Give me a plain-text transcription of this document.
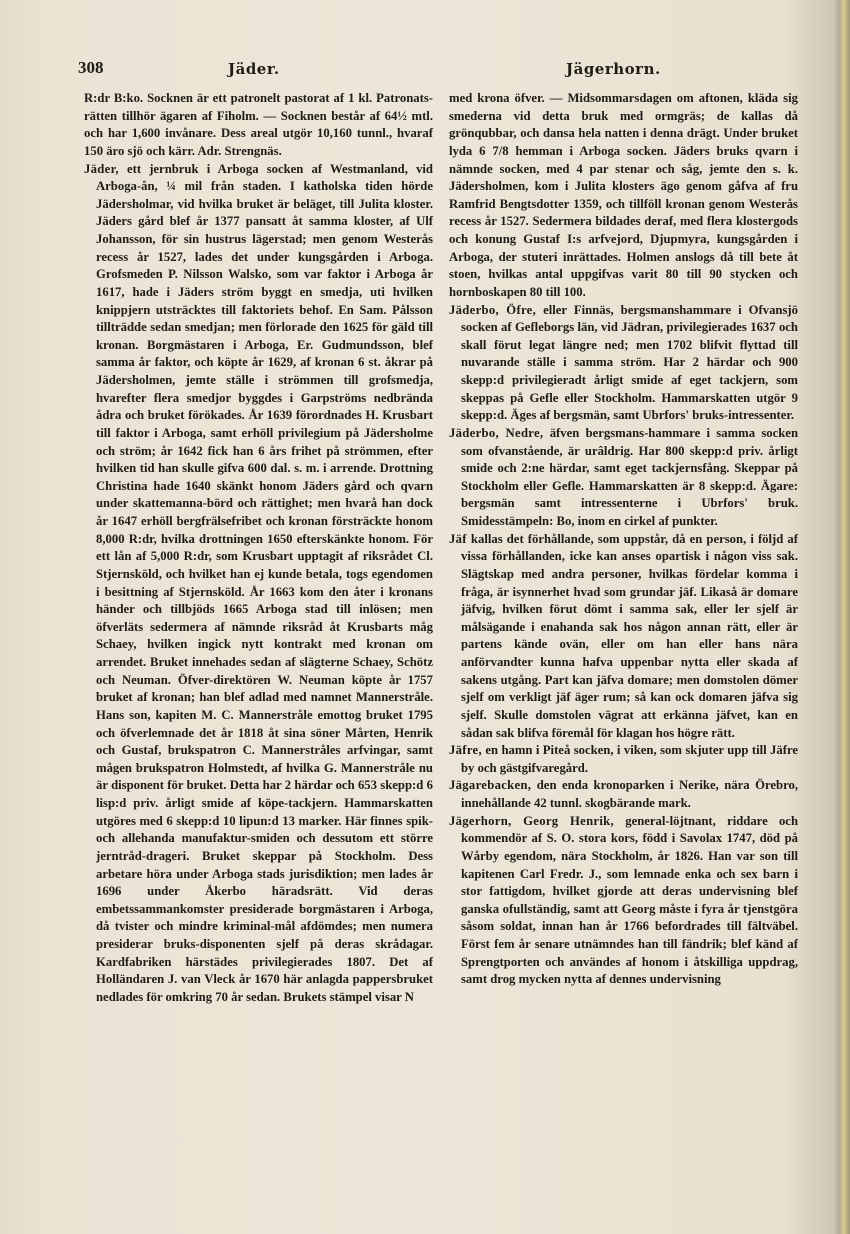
308	Jäder.	Jägerhorn.

R:dr B:ko. Socknen är ett patronelt pastorat af 1 kl. Patronats-rätten tillhör ägaren af Fiholm. — Socknen består af 64½ mtl. och har 1,600 invånare. Dess areal utgör 10,160 tunnl., hvaraf 150 äro sjö och kärr. Adr. Strengnäs.

Jäder, ett jernbruk i Arboga socken af Westmanland, vid Arboga-ån, ¼ mil från staden. I katholska tiden hörde Jädersholmar, vid hvilka bruket är beläget, till Julita kloster. Jäders gård blef år 1377 pansatt åt samma kloster, af Ulf Johansson, för sin hustrus lägerstad; men genom Westerås recess år 1527, lades det under kungsgården i Arboga. Grofsmeden P. Nilsson Walsko, som var faktor i Arboga år 1617, hade i Jäders ström byggt en smedja, uti hvilken knippjern utsträcktes till faktoriets behof. En Sam. Pålsson tillträdde sedan smedjan; men förlorade den 1625 för gäld till kronan. Borgmästaren i Arboga, Er. Gudmundsson, blef samma år faktor, och köpte år 1629, af kronan 6 st. åkrar på Jädersholmen, jemte ställe i strömmen till grofsmedja, hvarefter flera smedjor byggdes i Garpströms nedbrända ådra och bruket förökades. År 1639 förordnades H. Krusbart till faktor i Arboga, samt erhöll privilegium på Jädersholme och ström; år 1642 fick han 6 års frihet på strömmen, efter hvilken tid han skulle gifva 600 dal. s. m. i arrende. Drottning Christina hade 1640 skänkt honom Jäders gård och qvarn under skattemanna-börd och rättighet; men hvarå han dock år 1647 erhöll bergfrälsefribet och kronan försträckte honom 8,000 R:dr, hvilka drottningen 1650 efterskänkte honom. För ett lån af 5,000 R:dr, som Krusbart upptagit af riksrådet Cl. Stjernsköld, och hvilket han ej kunde betala, togs egendomen i besittning af Stjernsköld. År 1663 kom den åter i kronans händer och tillbjöds 1665 Arboga stad till inlösen; men öfverläts sedermera af nämnde riksråd åt Krusbarts måg Schaey, hvilken ingick nytt kontrakt med kronan om arrendet. Bruket innehades sedan af slägterne Schaey, Schötz och Neuman. Öfver-direktören W. Neuman köpte år 1757 bruket af kronan; han blef adlad med namnet Mannerstråle. Hans son, kapiten M. C. Mannerstråle emottog bruket 1795 och öfverlemnade det år 1818 åt sina söner Mårten, Henrik och Gustaf, brukspatron C. Mannerstråles arfvingar, samt mågen brukspatron Holmstedt, af hvilka G. Mannerstråle nu är disponent för bruket. Detta har 2 härdar och 653 skepp:d 6 lisp:d priv. årligt smide af köpe-tackjern. Hammarskatten utgöres med 6 skepp:d 10 lipun:d 13 marker. Här finnes spik- och allehanda manufaktur-smiden och dessutom ett större jerntråd-drageri. Bruket skeppar på Stockholm. Dess arbetare höra under Arboga stads jurisdiktion; men lades år 1696 under Åkerbo häradsrätt. Vid deras embetssammankomster presiderade borgmästaren i Arboga, då tvister och mindre kriminal-mål afdömdes; men numera presiderar bruks-disponenten sjelf på deras skrådagar. Kardfabriken härstädes privilegierades 1807. Det af Holländaren J. van Vleck år 1670 här anlagda pappersbruket nedlades för omkring 70 år sedan. Brukets stämpel visar N

med krona öfver. — Midsommarsdagen om aftonen, kläda sig smederna vid detta bruk med ormgräs; de kallas då grönqubbar, och dansa hela natten i denna drägt. Under bruket lyda 6 7/8 hemman i Arboga socken. Jäders bruks qvarn i nämnde socken, med 4 par stenar och såg, jemte den s. k. Jädersholmen, kom i Julita klosters ägo genom gåfva af fru Ramfrid Bengtsdotter 1359, och tillföll kronan genom Westerås recess år 1527. Sedermera bildades deraf, med flera klostergods och konung Gustaf I:s arfvejord, Djupmyra, kungsgården i Arboga, der stuteri inrättades. Holmen anslogs då till bete åt stoen, hvilkas antal uppgifvas varit 80 till 90 stycken och hornboskapen 80 till 100.

Jäderbo, Öfre, eller Finnäs, bergsmanshammare i Ofvansjö socken af Gefleborgs län, vid Jädran, privilegierades 1637 och skall förut legat längre ned; men 1702 blifvit flyttad till nuvarande ställe i samma ström. Har 2 härdar och 900 skepp:d privilegieradt årligt smide af eget tackjern, som skeppas på Gefle eller Stockholm. Hammarskatten utgör 9 skepp:d. Äges af bergsmän, samt Ubrfors' bruks-intressenter.

Jäderbo, Nedre, äfven bergsmans-hammare i samma socken som ofvanstående, är urâldrig. Har 800 skepp:d priv. årligt smide och 2:ne härdar, samt eget tackjernsfång. Skeppar på Stockholm eller Gefle. Hammarskatten är 8 skepp:d. Ägare: bergsmän samt intressenterne i Ubrfors' bruk. Smidesstämpeln: Bo, inom en cirkel af punkter.

Jäf kallas det förhållande, som uppstår, då en person, i följd af vissa förhållanden, icke kan anses opartisk i någon viss sak. Slägtskap med andra personer, hvilkas fördelar komma i fråga, är isynnerhet hvad som grundar jäf. Likaså är domare jäfvig, hvilken förut dömt i samma sak, eller ler sjelf är målsägande i enahanda sak hos någon annan rätt, eller är partens kände ovän, eller om han eller hans nära anförvandter kunna hafva uppenbar nytta eller skada af sakens utgång. Part kan jäfva domare; men domstolen dömer sjelf om verkligt jäf äger rum; så kan ock domaren jäfva sig sjelf. Skulle domstolen vägrat att erkänna jäfvet, kan en sådan sak blifva föremål för klagan hos högre rätt.

Jäfre, en hamn i Piteå socken, i viken, som skjuter upp till Jäfre by och gästgifvaregård.

Jägarebacken, den enda kronoparken i Nerike, nära Örebro, innehållande 42 tunnl. skogbärande mark.

Jägerhorn, Georg Henrik, general-löjtnant, riddare och kommendör af S. O. stora kors, född i Savolax 1747, död på Wårby egendom, nära Stockholm, år 1826. Han var son till kapitenen Carl Fredr. J., som lemnade enka och sex barn i stor fattigdom, hvilket gjorde att deras undervisning blef ganska ofullständig, samt att Georg måste i fyra år tjenstgöra såsom soldat, innan han år 1766 befordrades till fältväbel. Först fem år senare utnämndes han till fändrik; blef känd af Sprengtporten och användes af honom i åtskilliga uppdrag, samt drog mycken nytta af dennes undervisning
